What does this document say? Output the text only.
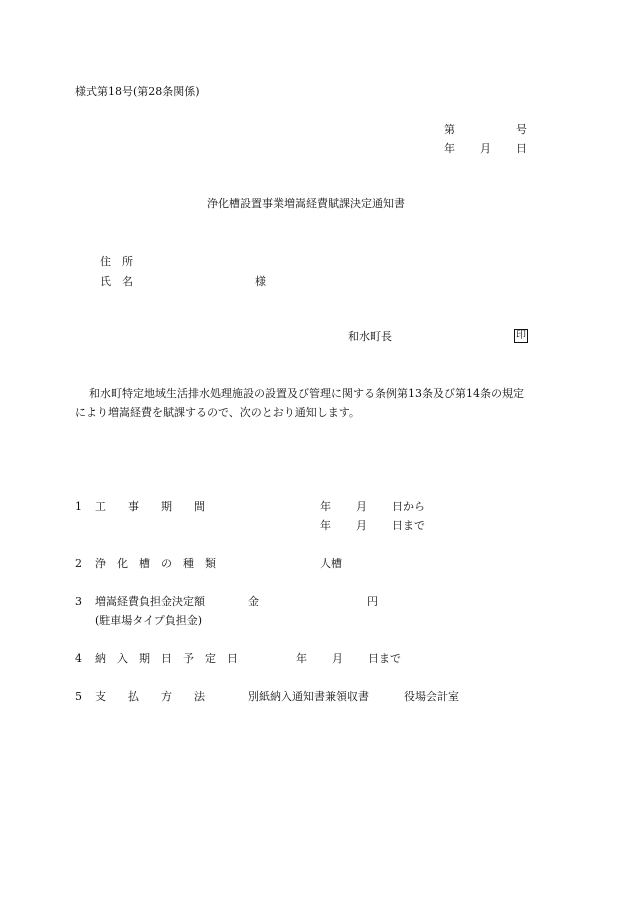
様式第18号(第28条関係)
第	号
年 月 日
浄化槽設置事業増嵩経費賦課決定通知書
住　所
氏　名	様
和水町長	印
和水町特定地域生活排水処理施設の設置及び管理に関する条例第13条及び第14条の規定
により増嵩経費を賦課するので、次のとおり通知します。
1 工　　事　　期　　間	年 月 日から
年 月 日まで
2 浄　化　槽　の　種　類	人槽
3 増嵩経費負担金決定額	金	円
(駐車場タイプ負担金)
4 納　入　期　日　予　定　日	年 月 日まで
5 支　　払　　方　　法	別紙納入通知書兼領収書	役場会計室
